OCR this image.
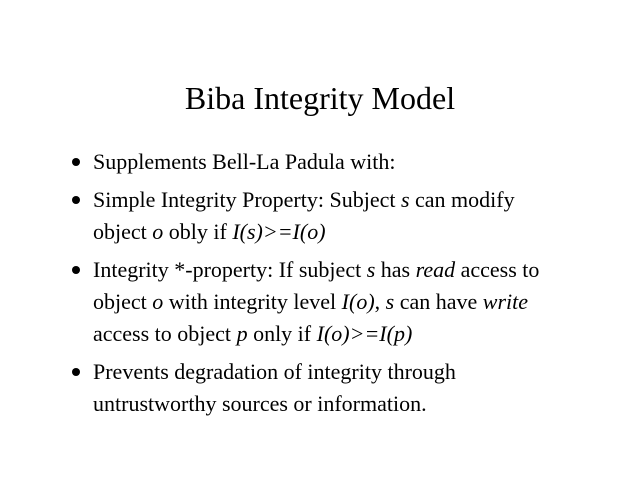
Biba Integrity Model
Supplements Bell-La Padula with:
Simple Integrity Property: Subject s can modify object o obly if I(s)>=I(o)
Integrity *-property: If subject s has read access to object o with integrity level I(o), s can have write access to object p only if I(o)>=I(p)
Prevents degradation of integrity through untrustworthy sources or information.
